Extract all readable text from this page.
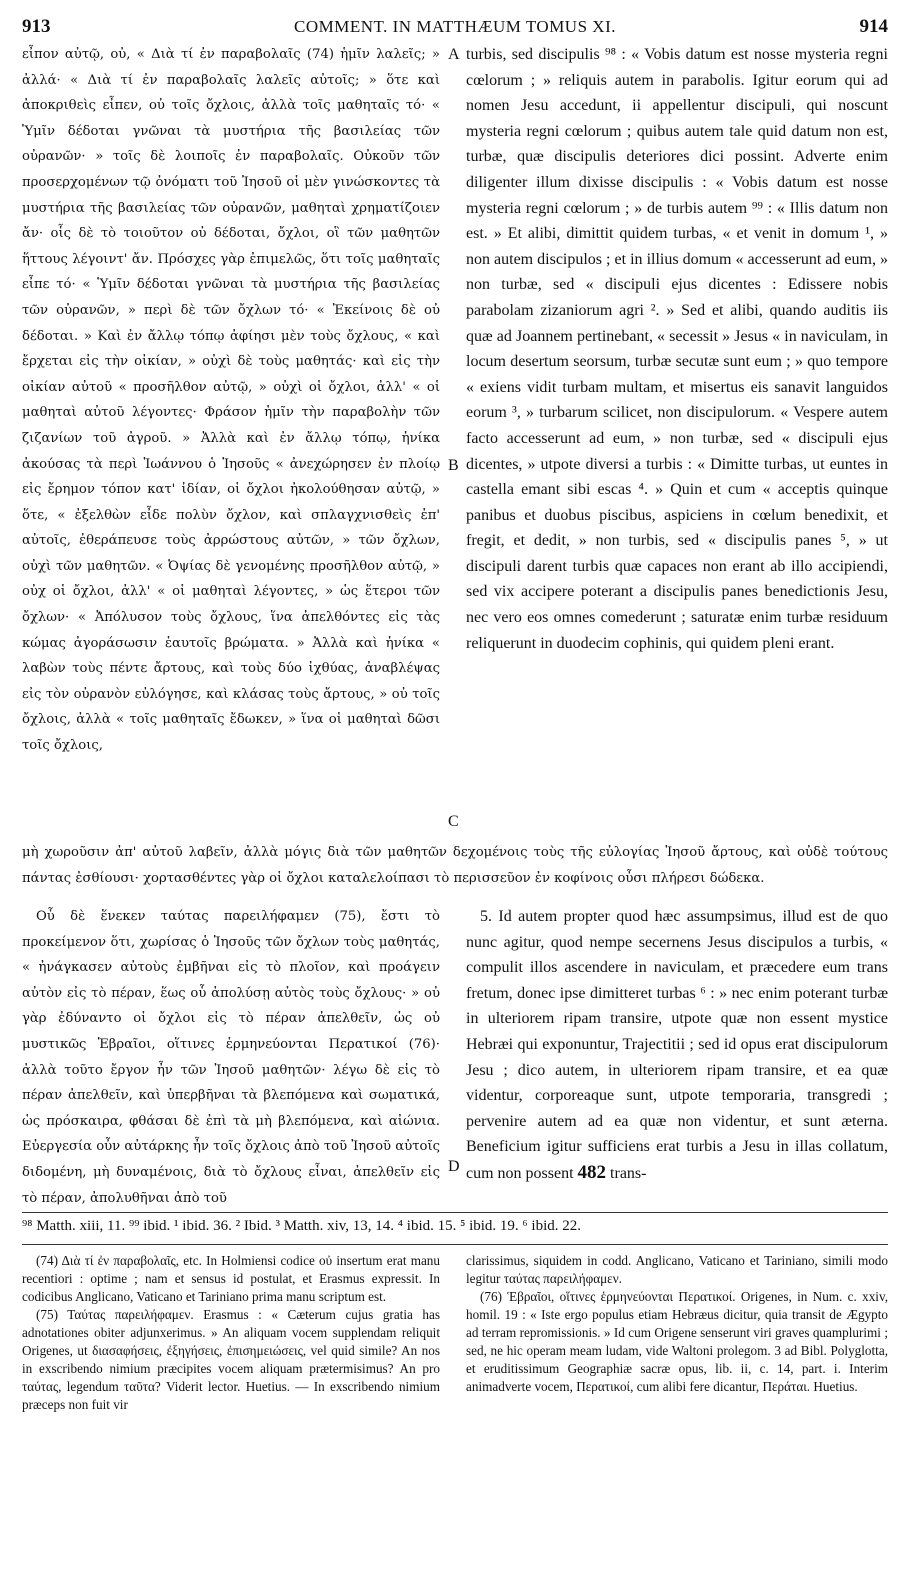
913	COMMENT. IN MATTHÆUM TOMUS XI.	914

εἶπον αὐτῷ, οὐ, « Διὰ τί ἐν παραβολαῖς (74) ἡμῖν λαλεῖς; » ἀλλά· « Διὰ τί ἐν παραβολαῖς λαλεῖς αὐτοῖς; » ὅτε καὶ ἀποκριθεὶς εἶπεν, οὐ τοῖς ὄχλοις, ἀλλὰ τοῖς μαθηταῖς τό· « Ὑμῖν δέδοται γνῶναι τὰ μυστήρια τῆς βασιλείας τῶν οὐρανῶν· » τοῖς δὲ λοιποῖς ἐν παραβολαῖς. Οὐκοῦν τῶν προσερχομένων τῷ ὀνόματι τοῦ Ἰησοῦ οἱ μὲν γινώσκοντες τὰ μυστήρια τῆς βασιλείας τῶν οὐρανῶν, μαθηταὶ χρηματίζοιεν ἄν· οἷς δὲ τὸ τοιοῦτον οὐ δέδοται, ὄχλοι, οἳ τῶν μαθητῶν ἥττους λέγοιντ' ἄν. Πρόσχες γὰρ ἐπιμελῶς, ὅτι τοῖς μαθηταῖς εἶπε τό· « Ὑμῖν δέδοται γνῶναι τὰ μυστήρια τῆς βασιλείας τῶν οὐρανῶν, » περὶ δὲ τῶν ὄχλων τό· « Ἐκείνοις δὲ οὐ δέδοται. » Καὶ ἐν ἄλλῳ τόπῳ ἀφίησι μὲν τοὺς ὄχλους, « καὶ ἔρχεται εἰς τὴν οἰκίαν, » οὐχὶ δὲ τοὺς μαθητάς· καὶ εἰς τὴν οἰκίαν αὐτοῦ « προσῆλθον αὐτῷ, » οὐχὶ οἱ ὄχλοι, ἀλλ' « οἱ μαθηταὶ αὐτοῦ λέγοντες· Φράσον ἡμῖν τὴν παραβολὴν τῶν ζιζανίων τοῦ ἀγροῦ. » Ἀλλὰ καὶ ἐν ἄλλῳ τόπῳ, ἡνίκα ἀκούσας τὰ περὶ Ἰωάννου ὁ Ἰησοῦς « ἀνεχώρησεν ἐν πλοίῳ εἰς ἔρημον τόπον κατ' ἰδίαν, οἱ ὄχλοι ἠκολούθησαν αὐτῷ, » ὅτε, « ἐξελθὼν εἶδε πολὺν ὄχλον, καὶ σπλαγχνισθεὶς ἐπ' αὐτοῖς, ἐθεράπευσε τοὺς ἀρρώστους αὐτῶν, » τῶν ὄχλων, οὐχὶ τῶν μαθητῶν. « Ὀψίας δὲ γενομένης προσῆλθον αὐτῷ, » οὐχ οἱ ὄχλοι, ἀλλ' « οἱ μαθηταὶ λέγοντες, » ὡς ἕτεροι τῶν ὄχλων· « Ἀπόλυσον τοὺς ὄχλους, ἵνα ἀπελθόντες εἰς τὰς κώμας ἀγοράσωσιν ἑαυτοῖς βρώματα. » Ἀλλὰ καὶ ἡνίκα « λαβὼν τοὺς πέντε ἄρτους, καὶ τοὺς δύο ἰχθύας, ἀναβλέψας εἰς τὸν οὐρανὸν εὐλόγησε, καὶ κλάσας τοὺς ἄρτους, » οὐ τοῖς ὄχλοις, ἀλλὰ « τοῖς μαθηταῖς ἔδωκεν, » ἵνα οἱ μαθηταὶ δῶσι τοῖς ὄχλοις,

turbis, sed discipulis ⁹⁸ : « Vobis datum est nosse mysteria regni cœlorum ; » reliquis autem in parabolis. Igitur eorum qui ad nomen Jesu accedunt, ii appellentur discipuli, qui noscunt mysteria regni cœlorum ; quibus autem tale quid datum non est, turbæ, quæ discipulis deteriores dici possint. Adverte enim diligenter illum dixisse discipulis : « Vobis datum est nosse mysteria regni cœlorum ; » de turbis autem ⁹⁹ : « Illis datum non est. » Et alibi, dimittit quidem turbas, « et venit in domum ¹, » non autem discipulos ; et in illius domum « accesserunt ad eum, » non turbæ, sed « discipuli ejus dicentes : Edissere nobis parabolam zizaniorum agri ². » Sed et alibi, quando auditis iis quæ ad Joannem pertinebant, « secessit » Jesus « in naviculam, in locum desertum seorsum, turbæ secutæ sunt eum ; » quo tempore « exiens vidit turbam multam, et misertus eis sanavit languidos eorum ³, » turbarum scilicet, non discipulorum. « Vespere autem facto accesserunt ad eum, » non turbæ, sed « discipuli ejus dicentes, » utpote diversi a turbis : « Dimitte turbas, ut euntes in castella emant sibi escas ⁴. » Quin et cum « acceptis quinque panibus et duobus piscibus, aspiciens in cœlum benedixit, et fregit, et dedit, » non turbis, sed « discipulis panes ⁵, » ut discipuli darent turbis quæ capaces non erant ab illo accipiendi, sed vix accipere poterant a discipulis panes benedictionis Jesu, nec vero eos omnes comederunt ; saturatæ enim turbæ residuum reliquerunt in duodecim cophinis, qui quidem pleni erant.

A
B
C

μὴ χωροῦσιν ἀπ' αὐτοῦ λαβεῖν, ἀλλὰ μόγις διὰ τῶν μαθητῶν δεχομένοις τοὺς τῆς εὐλογίας Ἰησοῦ ἄρτους, καὶ οὐδὲ τούτους πάντας ἐσθίουσι· χορτασθέντες γὰρ οἱ ὄχλοι καταλελοίπασι τὸ περισσεῦον ἐν κοφίνοις οὖσι πλήρεσι δώδεκα.

Οὗ δὲ ἕνεκεν ταύτας παρειλήφαμεν (75), ἔστι τὸ προκείμενον ὅτι, χωρίσας ὁ Ἰησοῦς τῶν ὄχλων τοὺς μαθητάς, « ἠνάγκασεν αὐτοὺς ἐμβῆναι εἰς τὸ πλοῖον, καὶ προάγειν αὐτὸν εἰς τὸ πέραν, ἕως οὗ ἀπολύσῃ αὐτὸς τοὺς ὄχλους· » οὐ γὰρ ἐδύναντο οἱ ὄχλοι εἰς τὸ πέραν ἀπελθεῖν, ὡς οὐ μυστικῶς Ἑβραῖοι, οἵτινες ἑρμηνεύονται Περατικοί (76)· ἀλλὰ τοῦτο ἔργον ἦν τῶν Ἰησοῦ μαθητῶν· λέγω δὲ εἰς τὸ πέραν ἀπελθεῖν, καὶ ὑπερβῆναι τὰ βλεπόμενα καὶ σωματικά, ὡς πρόσκαιρα, φθάσαι δὲ ἐπὶ τὰ μὴ βλεπόμενα, καὶ αἰώνια. Εὐεργεσία οὖν αὐτάρκης ἦν τοῖς ὄχλοις ἀπὸ τοῦ Ἰησοῦ αὐτοῖς διδομένη, μὴ δυναμένοις, διὰ τὸ ὄχλους εἶναι, ἀπελθεῖν εἰς τὸ πέραν, ἀπολυθῆναι ἀπὸ τοῦ

5. Id autem propter quod hæc assumpsimus, illud est de quo nunc agitur, quod nempe secernens Jesus discipulos a turbis, « compulit illos ascendere in naviculam, et præcedere eum trans fretum, donec ipse dimitteret turbas ⁶ : » nec enim poterant turbæ in ulteriorem ripam transire, utpote quæ non essent mystice Hebræi qui exponuntur, Trajectitii ; sed id opus erat discipulorum Jesu ; dico autem, in ulteriorem ripam transire, et ea quæ videntur, corporeaque sunt, utpote temporaria, transgredi ; pervenire autem ad ea quæ non videntur, et sunt æterna. Beneficium igitur sufficiens erat turbis a Jesu in illas collatum, cum non possent 482 trans-

D
⁹⁸ Matth. xiii, 11. ⁹⁹ ibid. ¹ ibid. 36. ² Ibid. ³ Matth. xiv, 13, 14. ⁴ ibid. 15. ⁵ ibid. 19. ⁶ ibid. 22.

(74) Διὰ τί ἐν παραβολαῖς, etc. In Holmiensi codice οὐ insertum erat manu recentiori : optime ; nam et sensus id postulat, et Erasmus expressit. In codicibus Anglicano, Vaticano et Tariniano prima manu scriptum est.

(75) Ταύτας παρειλήφαμεν. Erasmus : « Cæterum cujus gratia has adnotationes obiter adjunxerimus. » An aliquam vocem supplendam reliquit Origenes, ut διασαφήσεις, ἐξηγήσεις, ἐπισημειώσεις, vel quid simile? An nos in exscribendo nimium præcipites vocem aliquam prætermisimus? An pro ταύτας, legendum ταῦτα? Viderit lector. Huetius. — In exscribendo nimium præceps non fuit vir

clarissimus, siquidem in codd. Anglicano, Vaticano et Tariniano, simili modo legitur ταύτας παρειλήφαμεν.

(76) Ἑβραῖοι, οἵτινες ἑρμηνεύονται Περατικοί. Origenes, in Num. c. xxiv, homil. 19 : « Iste ergo populus etiam Hebræus dicitur, quia transit de Ægypto ad terram repromissionis. » Id cum Origene senserunt viri graves quamplurimi ; sed, ne hic operam meam ludam, vide Waltoni prolegom. 3 ad Bibl. Polyglotta, et eruditissimum Geographiæ sacræ opus, lib. ii, c. 14, part. i. Interim animadverte vocem, Περατικοί, cum alibi fere dicantur, Περάται. Huetius.
